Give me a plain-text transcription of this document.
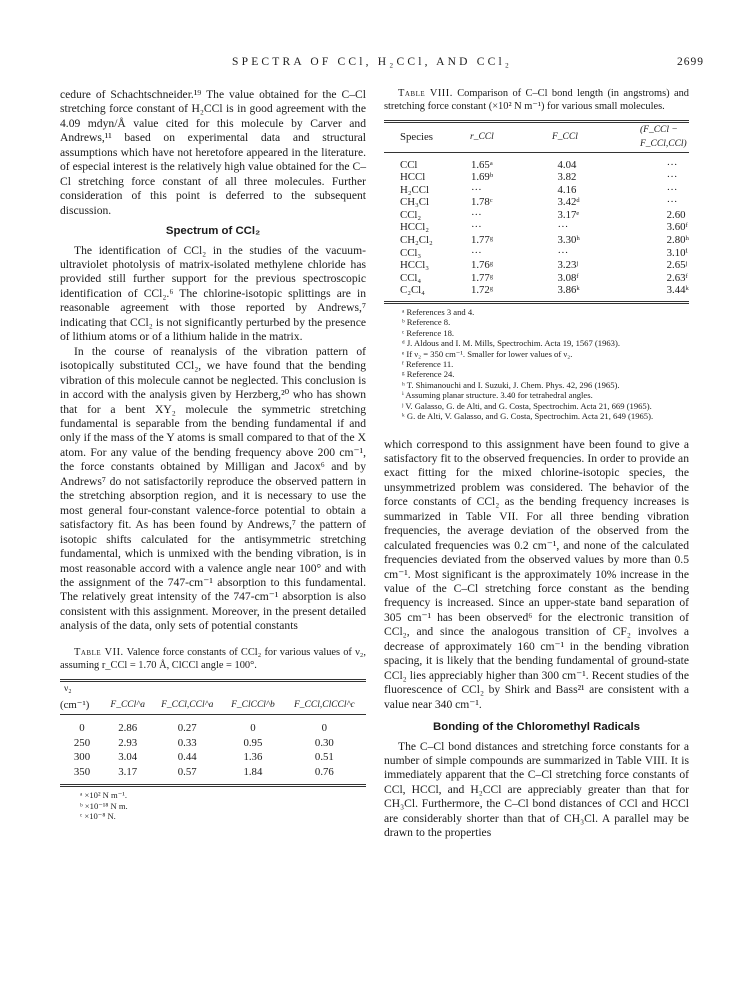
SPECTRA OF CCl, H₂CCl, AND CCl₂	2699

cedure of Schachtschneider.¹⁹ The value obtained for the C–Cl stretching force constant of H₂CCl is in good agreement with the 4.09 mdyn/Å value cited for this molecule by Carver and Andrews,¹¹ based on experimental data and structural assumptions which have not heretofore appeared in the literature. of especial interest is the relatively high value obtained for the C–Cl stretching force constant of all three molecules. Further consideration of this point is deferred to the subsequent discussion.

Spectrum of CCl₂

The identification of CCl₂ in the studies of the vacuum-ultraviolet photolysis of matrix-isolated methylene chloride has provided still further support for the previous spectroscopic identification of CCl₂.⁶ The chlorine-isotopic splittings are in reasonable agreement with those reported by Andrews,⁷ indicating that CCl₂ is not significantly perturbed by the presence of lithium atoms or of a lithium halide in the matrix.

In the course of reanalysis of the vibration pattern of isotopically substituted CCl₂, we have found that the bending vibration of this molecule cannot be neglected. This conclusion is in accord with the analysis given by Herzberg,²⁰ who has shown that for a bent XY₂ molecule the symmetric stretching fundamental is separable from the bending fundamental if and only if the mass of the Y atoms is small compared to that of the X atom. For any value of the bending frequency above 200 cm⁻¹, the force constants obtained by Milligan and Jacox⁶ and by Andrews⁷ do not satisfactorily reproduce the observed pattern in the stretching absorption region, and it is necessary to use the most general four-constant valence-force potential to obtain a satisfactory fit. As has been found by Andrews,⁷ the pattern of isotopic shifts calculated for the antisymmetric stretching fundamental, which is unmixed with the bending vibration, is in most reasonable accord with a valence angle near 100° and with the assignment of the 747-cm⁻¹ absorption to this fundamental. The relatively great intensity of the 747-cm⁻¹ absorption is also consistent with this assignment. Moreover, in the present detailed analysis of the data, only sets of potential constants

Table VII. Valence force constants of CCl₂ for various values of ν₂, assuming r_CCl = 1.70 Å, ClCCl angle = 100°.

ν₂				
(cm⁻¹)	F_CCl^a	F_CCl,CCl^a	F_ClCCl^b	F_CCl,ClCCl^c

0	2.86	0.27	0	0
250	2.93	0.33	0.95	0.30
300	3.04	0.44	1.36	0.51
350	3.17	0.57	1.84	0.76

ᵃ ×10² N m⁻¹.

ᵇ ×10⁻¹⁸ N m.

ᶜ ×10⁻⁸ N.

Table VIII. Comparison of C–Cl bond length (in angstroms) and stretching force constant (×10² N m⁻¹) for various small molecules.

Species	r_CCl	F_CCl	(F_CCl − F_CCl,CCl)

CCl	1.65ᵃ	4.04	···
HCCl	1.69ᵇ	3.82	···
H₂CCl	···	4.16	···
CH₃Cl	1.78ᶜ	3.42ᵈ	···
CCl₂	···	3.17ᵉ	2.60
HCCl₂	···	···	3.60ᶠ
CH₂Cl₂	1.77ᵍ	3.30ʰ	2.80ʰ
CCl₃	···	···	3.10ⁱ
HCCl₃	1.76ᵍ	3.23ʲ	2.65ʲ
CCl₄	1.77ᵍ	3.08ᶠ	2.63ᶠ
C₂Cl₄	1.72ᵍ	3.86ᵏ	3.44ᵏ

ᵃ References 3 and 4.

ᵇ Reference 8.

ᶜ Reference 18.

ᵈ J. Aldous and I. M. Mills, Spectrochim. Acta 19, 1567 (1963).

ᵉ If ν₂ = 350 cm⁻¹. Smaller for lower values of ν₂.

ᶠ Reference 11.

ᵍ Reference 24.

ʰ T. Shimanouchi and I. Suzuki, J. Chem. Phys. 42, 296 (1965).

ⁱ Assuming planar structure. 3.40 for tetrahedral angles.

ʲ V. Galasso, G. de Alti, and G. Costa, Spectrochim. Acta 21, 669 (1965).

ᵏ G. de Alti, V. Galasso, and G. Costa, Spectrochim. Acta 21, 649 (1965).

which correspond to this assignment have been found to give a satisfactory fit to the observed frequencies. In order to provide an exact fitting for the mixed chlorine-isotopic species, the unsymmetrized problem was considered. The behavior of the force constants of CCl₂ as the bending frequency increases is summarized in Table VII. For all three bending vibration frequencies, the average deviation of the observed from the calculated frequencies was 0.2 cm⁻¹, and none of the calculated frequencies deviated from the observed values by more than 0.5 cm⁻¹. Most significant is the approximately 10% increase in the value of the C–Cl stretching force constant as the bending frequency is increased. Since an upper-state band separation of 305 cm⁻¹ has been observed⁶ for the electronic transition of CCl₂, and since the analogous transition of CF₂ involves a decrease of approximately 160 cm⁻¹ in the bending vibration spacing, it is likely that the bending fundamental of ground-state CCl₂ lies appreciably higher than 300 cm⁻¹. Recent studies of the fluorescence of CCl₂ by Shirk and Bass²¹ are consistent with a value near 340 cm⁻¹.

Bonding of the Chloromethyl Radicals

The C–Cl bond distances and stretching force constants for a number of simple compounds are summarized in Table VIII. It is immediately apparent that the C–Cl stretching force constants of CCl, HCCl, and H₂CCl are appreciably greater than that for CH₃Cl. Furthermore, the C–Cl bond distances of CCl and HCCl are considerably shorter than that of CH₃Cl. A parallel may be drawn to the properties
